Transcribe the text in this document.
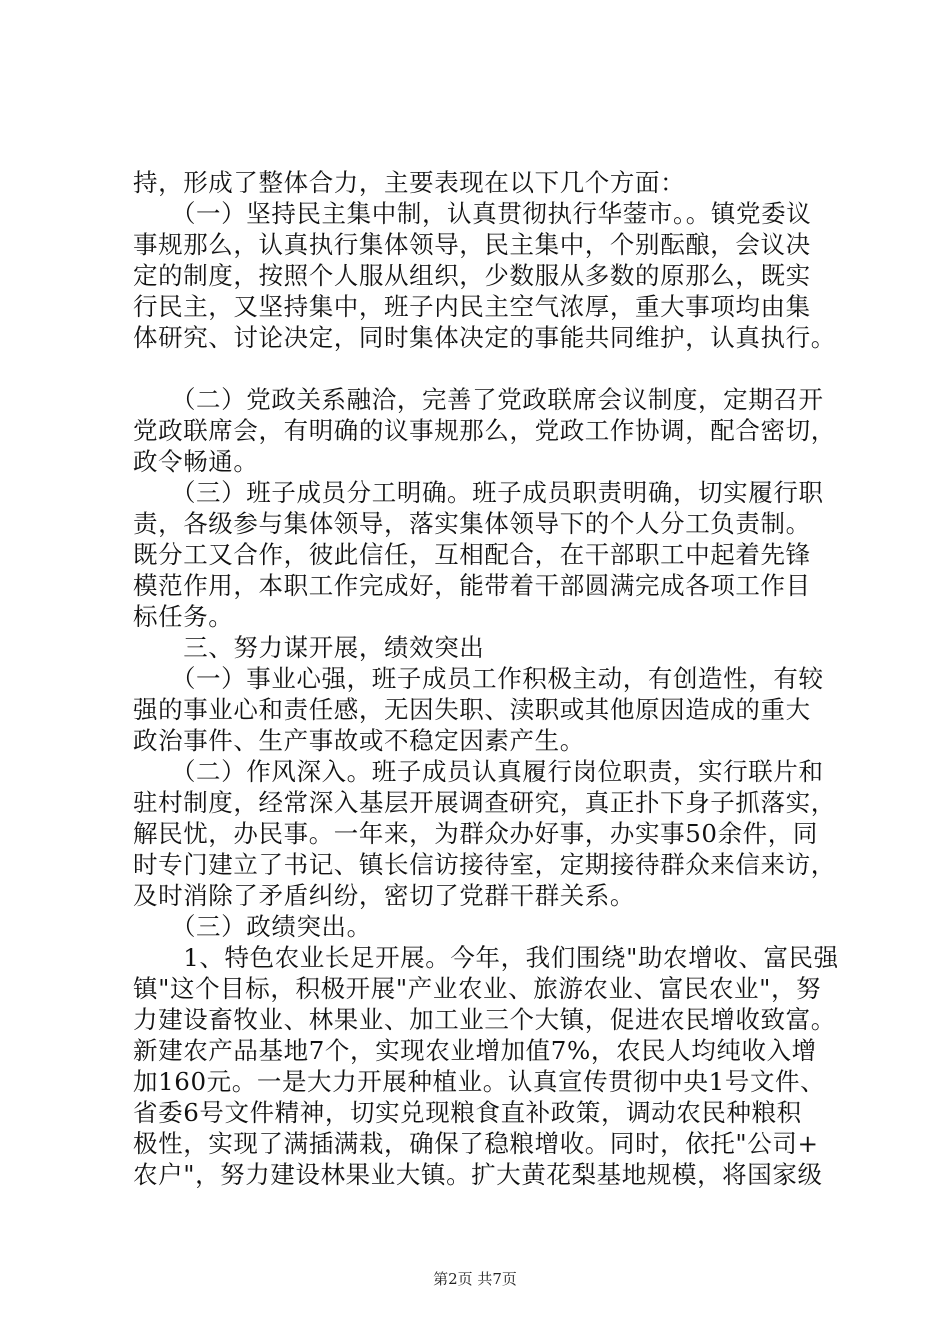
持，形成了整体合力，主要表现在以下几个方面：
　　（一）坚持民主集中制，认真贯彻执行华蓥市。。镇党委议
事规那么，认真执行集体领导，民主集中，个别酝酿，会议决
定的制度，按照个人服从组织，少数服从多数的原那么，既实
行民主，又坚持集中，班子内民主空气浓厚，重大事项均由集
体研究、讨论决定，同时集体决定的事能共同维护，认真执行。
　　（二）党政关系融洽，完善了党政联席会议制度，定期召开
党政联席会，有明确的议事规那么，党政工作协调，配合密切，
政令畅通。
　　（三）班子成员分工明确。班子成员职责明确，切实履行职
责，各级参与集体领导，落实集体领导下的个人分工负责制。
既分工又合作，彼此信任，互相配合，在干部职工中起着先锋
模范作用，本职工作完成好，能带着干部圆满完成各项工作目
标任务。
　　三、努力谋开展，绩效突出
　　（一）事业心强，班子成员工作积极主动，有创造性，有较
强的事业心和责任感，无因失职、渎职或其他原因造成的重大
政治事件、生产事故或不稳定因素产生。
　　（二）作风深入。班子成员认真履行岗位职责，实行联片和
驻村制度，经常深入基层开展调查研究，真正扑下身子抓落实，
解民忧，办民事。一年来，为群众办好事，办实事50余件，同
时专门建立了书记、镇长信访接待室，定期接待群众来信来访，
及时消除了矛盾纠纷，密切了党群干群关系。
　　（三）政绩突出。
　　1、特色农业长足开展。今年，我们围绕"助农增收、富民强
镇"这个目标，积极开展"产业农业、旅游农业、富民农业"，努
力建设畜牧业、林果业、加工业三个大镇，促进农民增收致富。
新建农产品基地7个，实现农业增加值7%，农民人均纯收入增
加160元。一是大力开展种植业。认真宣传贯彻中央1号文件、
省委6号文件精神，切实兑现粮食直补政策，调动农民种粮积
极性，实现了满插满栽，确保了稳粮增收。同时，依托"公司+
农户"，努力建设林果业大镇。扩大黄花梨基地规模，将国家级
第2页 共7页
